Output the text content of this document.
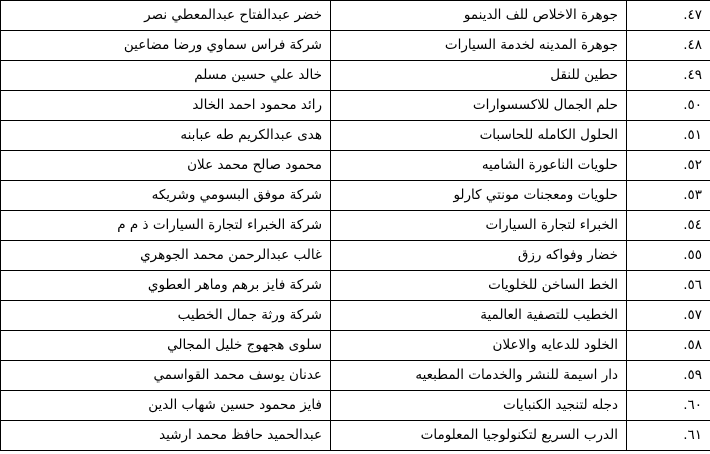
٤٧.	جوهرة الاخلاص للف الدينمو	خضر عبدالفتاح عبدالمعطي نصر
٤٨.	جوهرة المدينه لخدمة السيارات	شركة فراس سماوي ورضا مضاعين
٤٩.	حطين للنقل	خالد علي حسين مسلم
٥٠.	حلم الجمال للاكسسوارات	رائد محمود احمد الخالد
٥١.	الحلول الكامله للحاسبات	هدى عبدالكريم طه عبابنه
٥٢.	حلويات الناعورة الشاميه	محمود صالح محمد علان
٥٣.	حلويات ومعجنات مونتي كارلو	شركة موفق البسومي وشريكه
٥٤.	الخبراء لتجارة السيارات	شركة الخبراء لتجارة السيارات ذ م م
٥٥.	خضار وفواكه رزق	غالب عبدالرحمن محمد الجوهري
٥٦.	الخط الساخن للخلويات	شركة فايز برهم وماهر العطوي
٥٧.	الخطيب للتصفية العالمية	شركة ورثة جمال الخطيب
٥٨.	الخلود للدعايه والاعلان	سلوى هجهوج خليل المجالي
٥٩.	دار اسيمة للنشر والخدمات المطبعيه	عدنان يوسف محمد القواسمي
٦٠.	دجله لتنجيد الكنبايات	فايز محمود حسين شهاب الدين
٦١.	الدرب السريع لتكنولوجيا المعلومات	عبدالحميد حافظ محمد ارشيد
